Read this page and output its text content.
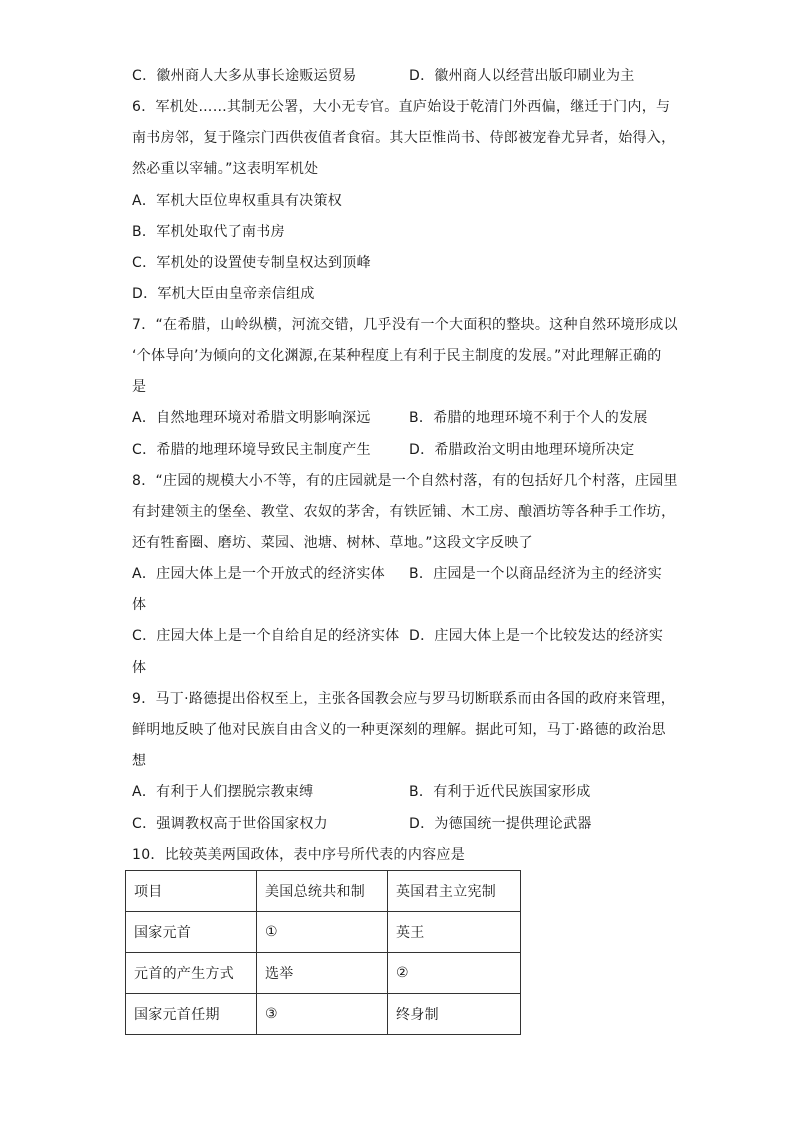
C．徽州商人大多从事长途贩运贸易	D．徽州商人以经营出版印刷业为主
6．军机处……其制无公署，大小无专官。直庐始设于乾清门外西偏，继迁于门内，与
南书房邻，复于隆宗门西供夜值者食宿。其大臣惟尚书、侍郎被宠眷尤异者，始得入，
然必重以宰辅。”这表明军机处
A．军机大臣位卑权重具有决策权
B．军机处取代了南书房
C．军机处的设置使专制皇权达到顶峰
D．军机大臣由皇帝亲信组成
7．“在希腊，山岭纵横，河流交错，几乎没有一个大面积的整块。这种自然环境形成以
‘个体导向’为倾向的文化渊源,在某种程度上有利于民主制度的发展。”对此理解正确的
是
A．自然地理环境对希腊文明影响深远	B．希腊的地理环境不利于个人的发展
C．希腊的地理环境导致民主制度产生	D．希腊政治文明由地理环境所决定
8．“庄园的规模大小不等，有的庄园就是一个自然村落，有的包括好几个村落，庄园里
有封建领主的堡垒、教堂、农奴的茅舍，有铁匠铺、木工房、酿酒坊等各种手工作坊，
还有牲畜圈、磨坊、菜园、池塘、树林、草地。”这段文字反映了
A．庄园大体上是一个开放式的经济实体 B．庄园是一个以商品经济为主的经济实
体
C．庄园大体上是一个自给自足的经济实体 D．庄园大体上是一个比较发达的经济实
体
9．马丁·路德提出俗权至上，主张各国教会应与罗马切断联系而由各国的政府来管理，
鲜明地反映了他对民族自由含义的一种更深刻的理解。据此可知，马丁·路德的政治思
想
A．有利于人们摆脱宗教束缚	B．有利于近代民族国家形成
C．强调教权高于世俗国家权力	D．为德国统一提供理论武器
10．比较英美两国政体，表中序号所代表的内容应是
项目	美国总统共和制	英国君主立宪制
国家元首	①	英王
元首的产生方式	选举	②
国家元首任期	③	终身制
